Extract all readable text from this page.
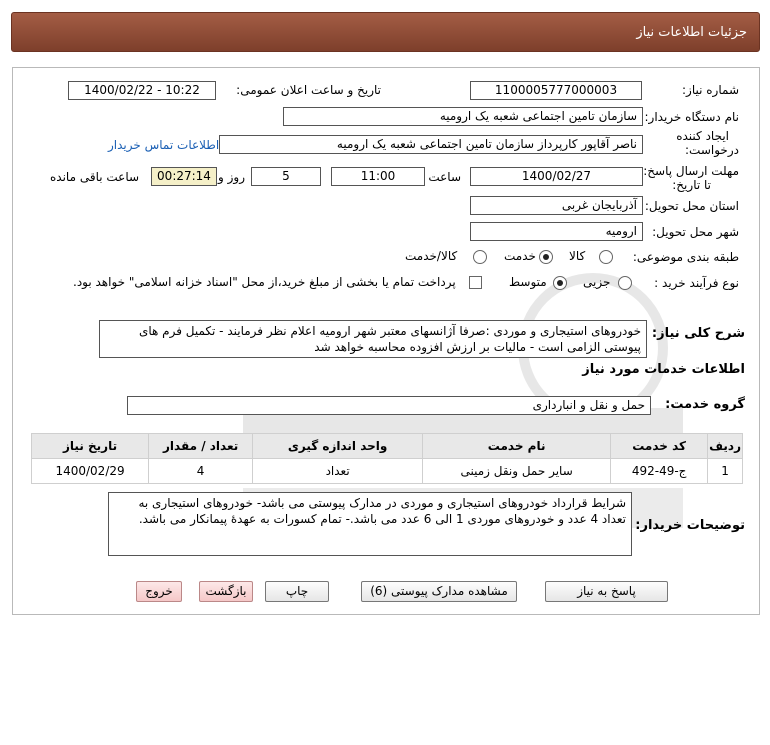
جزئیات اطلاعات نیاز
شماره نیاز:
1100005777000003
تاریخ و ساعت اعلان عمومی:
1400/02/22 - 10:22
نام دستگاه خریدار:
سازمان تامین اجتماعی شعبه یک ارومیه
ایجاد کننده
درخواست:
ناصر آقاپور کارپرداز سازمان تامین اجتماعی شعبه یک ارومیه
اطلاعات تماس خریدار
مهلت ارسال پاسخ:
تا تاریخ:
1400/02/27
ساعت
11:00
5
روز و
00:27:14
ساعت باقی مانده
استان محل تحویل:
آذربایجان غربی
شهر محل تحویل:
ارومیه
طبقه بندی موضوعی:
کالا
خدمت
کالا/خدمت
نوع فرآیند خرید :
جزیی
متوسط
پرداخت تمام یا بخشی از مبلغ خرید،از محل "اسناد خزانه اسلامی" خواهد بود.
شرح کلی نیاز:
خودروهای استیجاری و موردی :صرفا آژانسهای معتبر شهر ارومیه اعلام نظر فرمایند - تکمیل فرم های پیوستی الزامی است - مالیات بر ارزش افزوده محاسبه خواهد شد
اطلاعات خدمات مورد نیاز
گروه خدمت:
حمل و نقل و انبارداری
ردیف	کد خدمت	نام خدمت	واحد اندازه گیری	تعداد / مقدار	تاریخ نیاز
1	ج-49-492	سایر حمل ونقل زمینی	تعداد	4	1400/02/29
توضیحات خریدار:
شرایط قرارداد خودروهای استیجاری و موردی در مدارک پیوستی می باشد- خودروهای استیجاری به تعداد 4 عدد و خودروهای موردی 1 الی 6 عدد می باشد.- تمام کسورات به عهدهٔ پیمانکار می باشد.
پاسخ به نیاز
مشاهده مدارک پیوستی (6)
چاپ
بازگشت
خروج
